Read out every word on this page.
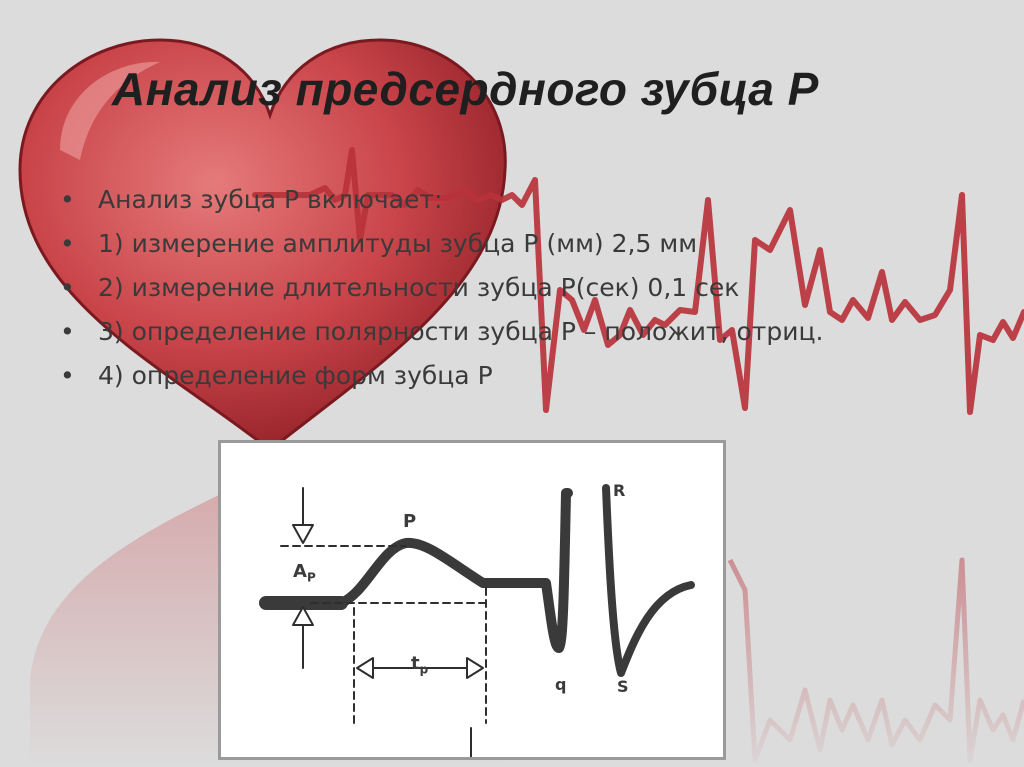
Анализ предсердного зубца Р
• Анализ зубца Р включает:
• 1) измерение амплитуды зубца Р (мм) 2,5 мм
• 2) измерение длительности зубца Р(сек) 0,1 сек
• 3) определение полярности зубца Р – положит, отриц.
• 4) определение форм зубца Р
P
R
q	S
$A_P$
$t_p$
